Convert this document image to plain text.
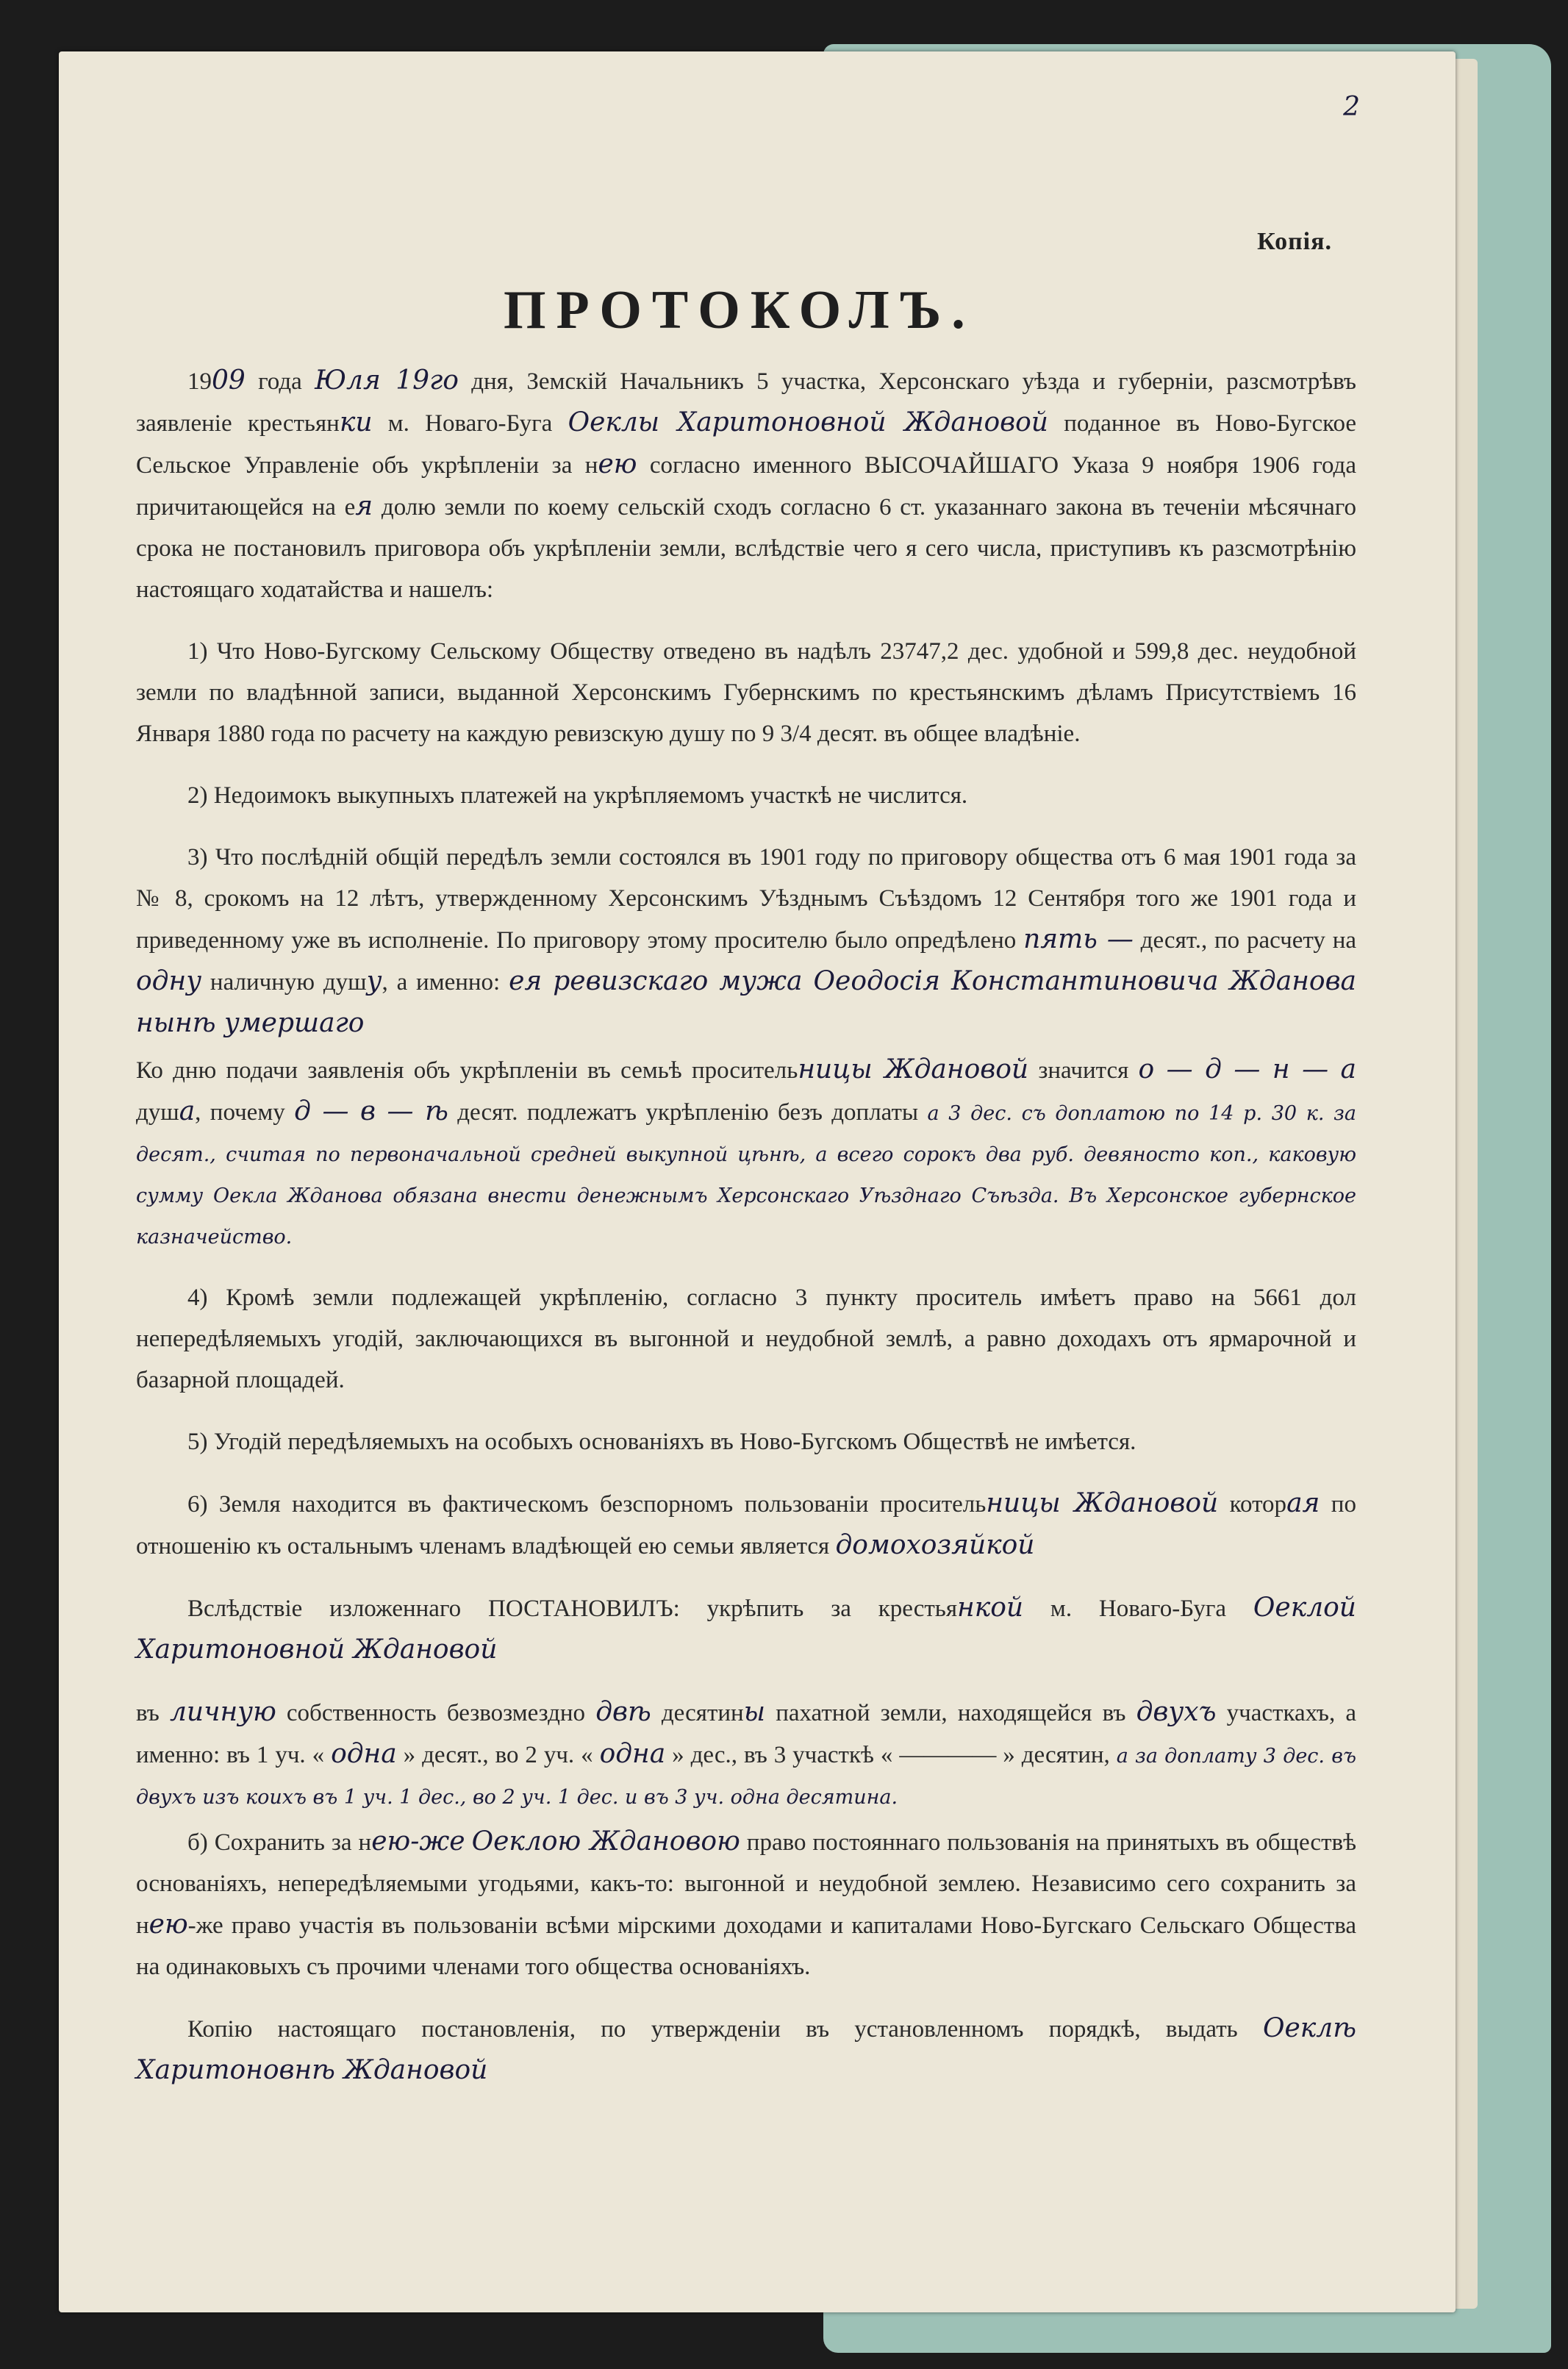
2
Копія.
ПРОТОКОЛЪ.

1909 года Юля 19го дня, Земскій Начальникъ 5 участка, Херсонскаго уѣзда и губерніи, разсмотрѣвъ заявленіе крестьянки м. Новаго-Буга Оеклы Харитоновной Ждановой поданное въ Ново-Бугское Сельское Управленіе объ укрѣпленіи за нею согласно именного ВЫСОЧАЙШАГО Указа 9 ноября 1906 года причитающейся на ея долю земли по коему сельскій сходъ согласно 6 ст. указаннаго закона въ теченіи мѣсячнаго срока не постановилъ приговора объ укрѣпленіи земли, вслѣдствіе чего я сего числа, приступивъ къ разсмотрѣнію настоящаго ходатайства и нашелъ:

1) Что Ново-Бугскому Сельскому Обществу отведено въ надѣлъ 23747,2 дес. удобной и 599,8 дес. неудобной земли по владѣнной записи, выданной Херсонскимъ Губернскимъ по крестьянскимъ дѣламъ Присутствіемъ 16 Января 1880 года по расчету на каждую ревизскую душу по 9 3/4 десят. въ общее владѣніе.

2) Недоимокъ выкупныхъ платежей на укрѣпляемомъ участкѣ не числится.

3) Что послѣдній общій передѣлъ земли состоялся въ 1901 году по приговору общества отъ 6 мая 1901 года за № 8, срокомъ на 12 лѣтъ, утвержденному Херсонскимъ Уѣзднымъ Съѣздомъ 12 Сентября того же 1901 года и приведенному уже въ исполненіе. По приговору этому просителю было опредѣлено пять — десят., по расчету на одну наличную душу, а именно: ея ревизскаго мужа Оеодосія Константиновича Жданова нынѣ умершаго

Ко дню подачи заявленія объ укрѣпленіи въ семьѣ просительницы Ждановой значится о — д — н — а душа, почему д — в — ѣ десят. подлежатъ укрѣпленію безъ доплаты а 3 дес. съ доплатою по 14 р. 30 к. за десят., считая по первоначальной средней выкупной цѣнѣ, а всего сорокъ два руб. девяносто коп., каковую сумму Оекла Жданова обязана внести денежнымъ Херсонскаго Уѣзднаго Съѣзда. Въ Херсонское губернское казначейство.

4) Кромѣ земли подлежащей укрѣпленію, согласно 3 пункту проситель имѣетъ право на 5661 дол непередѣляемыхъ угодій, заключающихся въ выгонной и неудобной землѣ, а равно доходахъ отъ ярмарочной и базарной площадей.

5) Угодій передѣляемыхъ на особыхъ основаніяхъ въ Ново-Бугскомъ Обществѣ не имѣется.

6) Земля находится въ фактическомъ безспорномъ пользованіи просительницы Ждановой которая по отношенію къ остальнымъ членамъ владѣющей ею семьи является домохозяйкой

Вслѣдствіе изложеннаго ПОСТАНОВИЛЪ: укрѣпить за крестьянкой м. Новаго-Буга Оеклой Харитоновной Ждановой

въ личную собственность безвозмездно двѣ десятины пахатной земли, находящейся въ двухъ участкахъ, а именно: въ 1 уч. « одна » десят., во 2 уч. « одна » дес., въ 3 участкѣ « ———— » десятин, а за доплату 3 дес. въ двухъ изъ коихъ въ 1 уч. 1 дес., во 2 уч. 1 дес. и въ 3 уч. одна десятина.

б) Сохранить за нею-же Оеклою Ждановою право постояннаго пользованія на принятыхъ въ обществѣ основаніяхъ, непередѣляемыми угодьями, какъ-то: выгонной и неудобной землею. Независимо сего сохранить за нею-же право участія въ пользованіи всѣми мірскими доходами и капиталами Ново-Бугскаго Сельскаго Общества на одинаковыхъ съ прочими членами того общества основаніяхъ.

Копію настоящаго постановленія, по утвержденіи въ установленномъ порядкѣ, выдать Оеклѣ Харитоновнѣ Ждановой
